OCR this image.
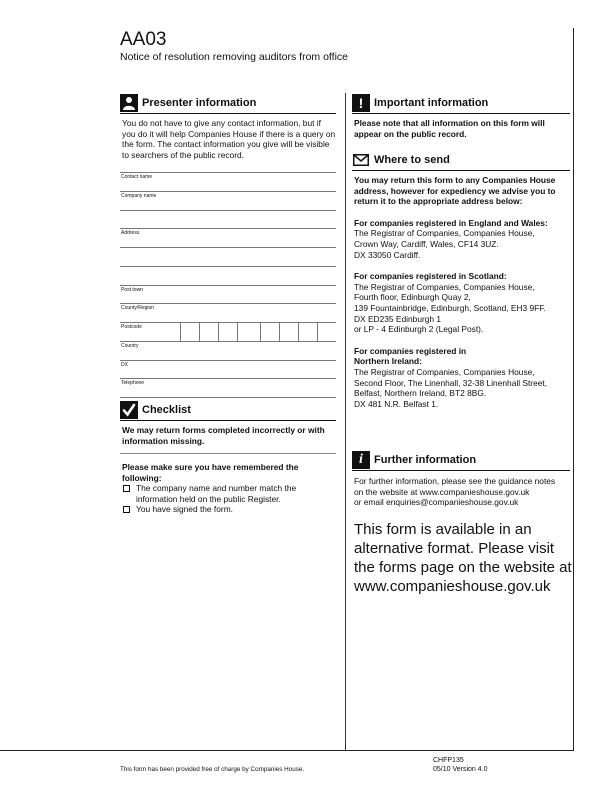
AA03
Notice of resolution removing auditors from office
Presenter information
You do not have to give any contact information, but if you do it will help Companies House if there is a query on the form. The contact information you give will be visible to searchers of the public record.
Contact name
Company name
Address
Post town
County/Region
Postcode
Country
DX
Telephone
Checklist
We may return forms completed incorrectly or with information missing.
Please make sure you have remembered the following:
The company name and number match the information held on the public Register.
You have signed the form.
! Important information
Please note that all information on this form will appear on the public record.
Where to send
You may return this form to any Companies House address, however for expediency we advise you to return it to the appropriate address below:
For companies registered in England and Wales:
The Registrar of Companies, Companies House,
Crown Way, Cardiff, Wales, CF14 3UZ.
DX 33050 Cardiff.
For companies registered in Scotland:
The Registrar of Companies, Companies House,
Fourth floor, Edinburgh Quay 2,
139 Fountainbridge, Edinburgh, Scotland, EH3 9FF.
DX ED235 Edinburgh 1
or LP - 4 Edinburgh 2 (Legal Post).
For companies registered in
Northern Ireland:
The Registrar of Companies, Companies House,
Second Floor, The Linenhall, 32-38 Linenhall Street,
Belfast, Northern Ireland, BT2 8BG.
DX 481 N.R. Belfast 1.
i	Further information
For further information, please see the guidance notes
on the website at www.companieshouse.gov.uk
or email enquiries@companieshouse.gov.uk
This form is available in an alternative format. Please visit the forms page on the website at www.companieshouse.gov.uk
This form has been provided free of charge by Companies House.
CHFP135
05/10 Version 4.0
